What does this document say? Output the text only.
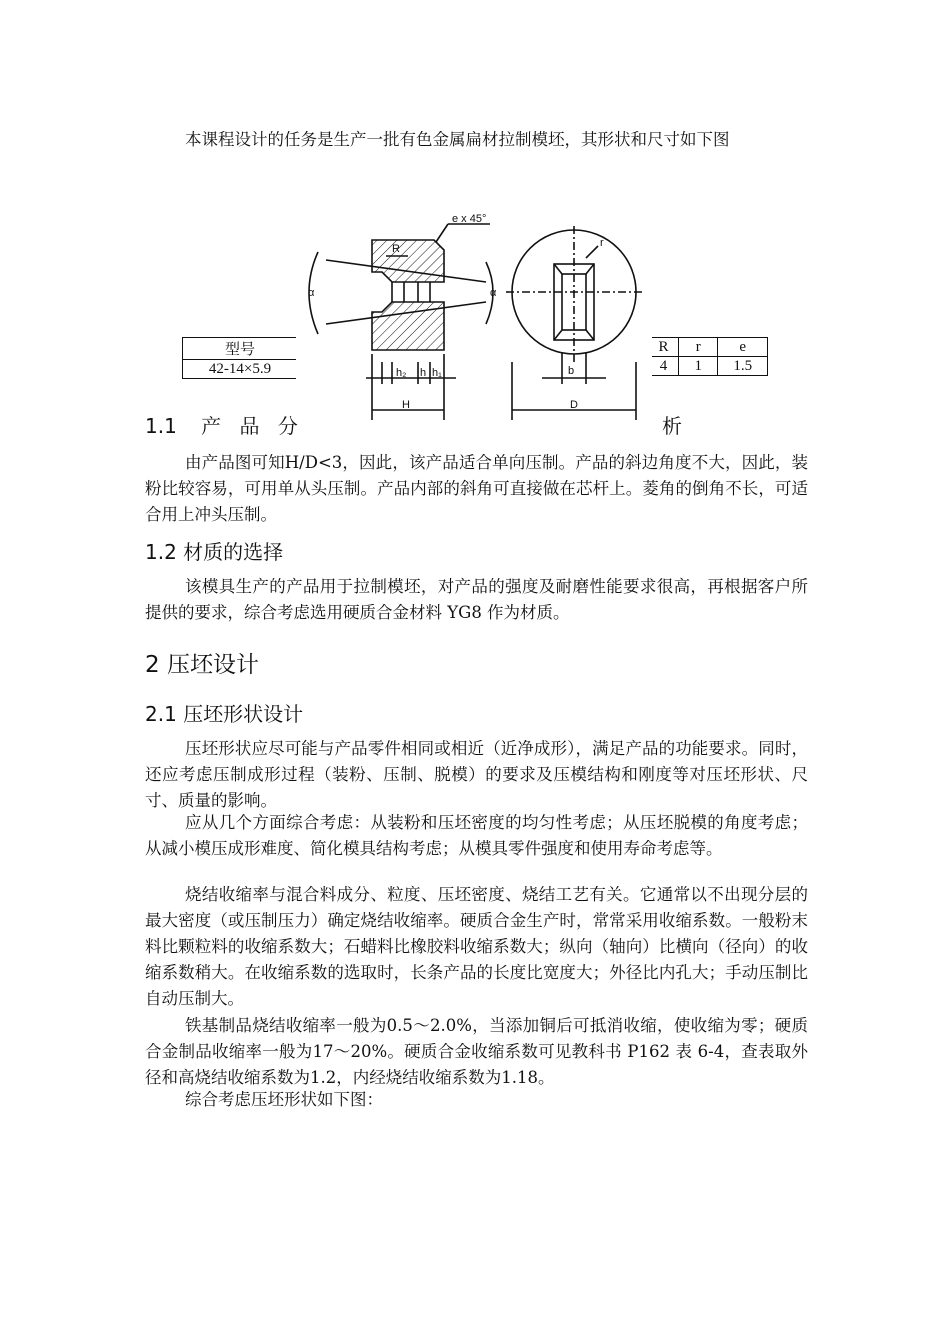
本课程设计的任务是生产一批有色金属扁材拉制模坯，其形状和尺寸如下图

型号
42-14×5.9
R	r	e
4	1	1.5
e x 45°
R	r
α	α
h₂ h h₁
H
b
D
1.1 产 品 分	析

由产品图可知H/D<3，因此，该产品适合单向压制。产品的斜边角度不大，因此，装粉比较容易，可用单从头压制。产品内部的斜角可直接做在芯杆上。菱角的倒角不长，可适合用上冲头压制。

1.2 材质的选择

该模具生产的产品用于拉制模坯，对产品的强度及耐磨性能要求很高，再根据客户所提供的要求，综合考虑选用硬质合金材料 YG8 作为材质。

2 压坯设计
2.1 压坯形状设计

压坯形状应尽可能与产品零件相同或相近（近净成形），满足产品的功能要求。同时，还应考虑压制成形过程（装粉、压制、脱模）的要求及压模结构和刚度等对压坯形状、尺寸、质量的影响。

应从几个方面综合考虑：从装粉和压坯密度的均匀性考虑；从压坯脱模的角度考虑；从减小模压成形难度、简化模具结构考虑；从模具零件强度和使用寿命考虑等。

烧结收缩率与混合料成分、粒度、压坯密度、烧结工艺有关。它通常以不出现分层的最大密度（或压制压力）确定烧结收缩率。硬质合金生产时，常常采用收缩系数。一般粉末料比颗粒料的收缩系数大；石蜡料比橡胶料收缩系数大；纵向（轴向）比横向（径向）的收缩系数稍大。在收缩系数的选取时，长条产品的长度比宽度大；外径比内孔大；手动压制比自动压制大。

铁基制品烧结收缩率一般为0.5～2.0%，当添加铜后可抵消收缩，使收缩为零；硬质合金制品收缩率一般为17～20%。硬质合金收缩系数可见教科书 P162 表 6-4，查表取外径和高烧结收缩系数为1.2，内经烧结收缩系数为1.18。

综合考虑压坯形状如下图：
